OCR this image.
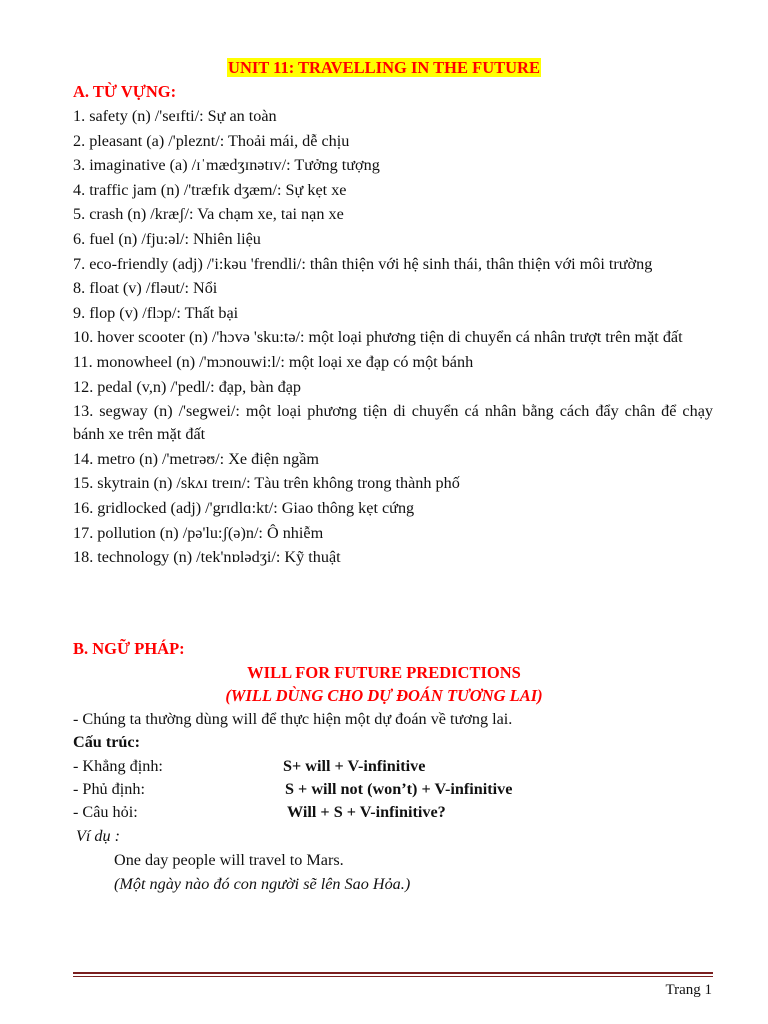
UNIT 11: TRAVELLING IN THE FUTURE
A. TỪ VỰNG:
1. safety (n) /'seɪfti/: Sự an toàn
2. pleasant (a) /'pleznt/: Thoải mái, dễ chịu
3. imaginative (a) /ɪˈmædʒɪnətɪv/: Tưởng tượng
4. traffic jam (n) /'træfɪk dʒæm/: Sự kẹt xe
5. crash (n) /kræʃ/: Va chạm xe, tai nạn xe
6. fuel (n) /fju:əl/: Nhiên liệu
7. eco-friendly (adj) /'i:kəu 'frendli/: thân thiện với hệ sinh thái, thân thiện với môi trường
8. float (v) /fləut/: Nổi
9. flop (v) /flɔp/: Thất bại
10. hover scooter (n) /'hɔvə 'sku:tə/: một loại phương tiện di chuyển cá nhân trượt trên mặt đất
11. monowheel (n) /'mɔnouwi:l/: một loại xe đạp có một bánh
12. pedal (v,n) /'pedl/: đạp, bàn đạp
13. segway (n) /'segwei/: một loại phương tiện di chuyển cá nhân bằng cách đẩy chân để chạy bánh xe trên mặt đất
14. metro (n) /'metrəʊ/: Xe điện ngầm
15. skytrain (n) /skʌɪ treɪn/: Tàu trên không trong thành phố
16. gridlocked (adj) /'grɪdlɑ:kt/: Giao thông kẹt cứng
17. pollution (n) /pə'lu:ʃ(ə)n/: Ô nhiễm
18. technology (n) /tek'nɒlədʒi/: Kỹ thuật
B. NGỮ PHÁP:
WILL FOR FUTURE PREDICTIONS
(WILL DÙNG CHO DỰ ĐOÁN TƯƠNG LAI)
- Chúng ta thường dùng will để thực hiện một dự đoán về tương lai.
Cấu trúc:
- Khẳng định:	S+ will + V-infinitive
- Phủ định:	S + will not (won’t) + V-infinitive
- Câu hỏi:	Will + S + V-infinitive?
Ví dụ :
One day people will travel to Mars.
(Một ngày nào đó con người sẽ lên Sao Hỏa.)
Trang 1
